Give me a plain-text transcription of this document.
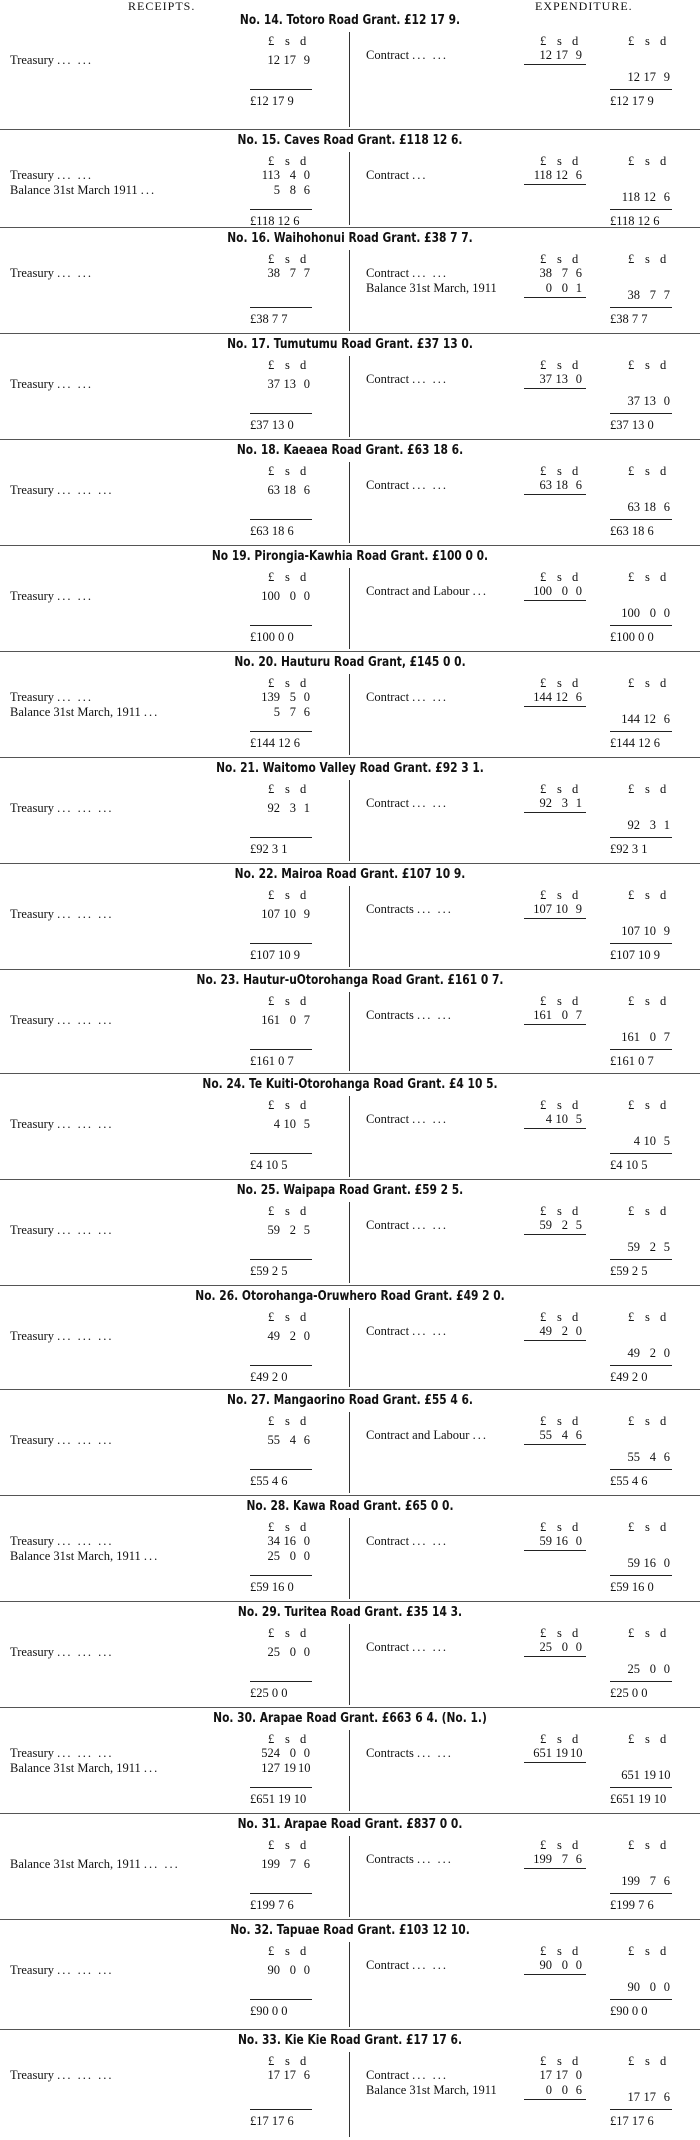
RECEIPTS.	EXPENDITURE.
No. 14. Totoro Road Grant. £12 17 9.
£ s d
Treasury ... ...	12 17 9
£12 17 9
£ s d
Contract ... ...	12 17 9
£ s d
12 17 9
£12 17 9
No. 15. Caves Road Grant. £118 12 6.
£ s d
Treasury ... ...	113 4 0
Balance 31st March 1911 ...	5 8 6
£118 12 6
£ s d
Contract ...	118 12 6
£ s d
118 12 6
£118 12 6
No. 16. Waihohonui Road Grant. £38 7 7.
£ s d
Treasury ... ...	38 7 7
£38 7 7
£ s d
Contract ... ...	38 7 6
Balance 31st March, 1911	0 0 1
£ s d
38 7 7
£38 7 7
No. 17. Tumutumu Road Grant. £37 13 0.
£ s d
Treasury ... ...	37 13 0
£37 13 0
£ s d
Contract ... ...	37 13 0
£ s d
37 13 0
£37 13 0
No. 18. Kaeaea Road Grant. £63 18 6.
£ s d
Treasury ... ... ...	63 18 6
£63 18 6
£ s d
Contract ... ...	63 18 6
£ s d
63 18 6
£63 18 6
No 19. Pirongia-Kawhia Road Grant. £100 0 0.
£ s d
Treasury ... ...	100 0 0
£100 0 0
£ s d
Contract and Labour ...	100 0 0
£ s d
100 0 0
£100 0 0
No. 20. Hauturu Road Grant, £145 0 0.
£ s d
Treasury ... ...	139 5 0
Balance 31st March, 1911 ...	5 7 6
£144 12 6
£ s d
Contract ... ...	144 12 6
£ s d
144 12 6
£144 12 6
No. 21. Waitomo Valley Road Grant. £92 3 1.
£ s d
Treasury ... ... ...	92 3 1
£92 3 1
£ s d
Contract ... ...	92 3 1
£ s d
92 3 1
£92 3 1
No. 22. Mairoa Road Grant. £107 10 9.
£ s d
Treasury ... ... ...	107 10 9
£107 10 9
£ s d
Contracts ... ...	107 10 9
£ s d
107 10 9
£107 10 9
No. 23. Hautur-uOtorohanga Road Grant. £161 0 7.
£ s d
Treasury ... ... ...	161 0 7
£161 0 7
£ s d
Contracts ... ...	161 0 7
£ s d
161 0 7
£161 0 7
No. 24. Te Kuiti-Otorohanga Road Grant. £4 10 5.
£ s d
Treasury ... ... ...	4 10 5
£4 10 5
£ s d
Contract ... ...	4 10 5
£ s d
4 10 5
£4 10 5
No. 25. Waipapa Road Grant. £59 2 5.
£ s d
Treasury ... ... ...	59 2 5
£59 2 5
£ s d
Contract ... ...	59 2 5
£ s d
59 2 5
£59 2 5
No. 26. Otorohanga-Oruwhero Road Grant. £49 2 0.
£ s d
Treasury ... ... ...	49 2 0
£49 2 0
£ s d
Contract ... ...	49 2 0
£ s d
49 2 0
£49 2 0
No. 27. Mangaorino Road Grant. £55 4 6.
£ s d
Treasury ... ... ...	55 4 6
£55 4 6
£ s d
Contract and Labour ...	55 4 6
£ s d
55 4 6
£55 4 6
No. 28. Kawa Road Grant. £65 0 0.
£ s d
Treasury ... ... ...	34 16 0
Balance 31st March, 1911 ...	25 0 0
£59 16 0
£ s d
Contract ... ...	59 16 0
£ s d
59 16 0
£59 16 0
No. 29. Turitea Road Grant. £35 14 3.
£ s d
Treasury ... ... ...	25 0 0
£25 0 0
£ s d
Contract ... ...	25 0 0
£ s d
25 0 0
£25 0 0
No. 30. Arapae Road Grant. £663 6 4. (No. 1.)
£ s d
Treasury ... ... ...	524 0 0
Balance 31st March, 1911 ...	127 19 10
£651 19 10
£ s d
Contracts ... ...	651 19 10
£ s d
651 19 10
£651 19 10
No. 31. Arapae Road Grant. £837 0 0.
£ s d
Balance 31st March, 1911 ... ...	199 7 6
£199 7 6
£ s d
Contracts ... ...	199 7 6
£ s d
199 7 6
£199 7 6
No. 32. Tapuae Road Grant. £103 12 10.
£ s d
Treasury ... ... ...	90 0 0
£90 0 0
£ s d
Contract ... ...	90 0 0
£ s d
90 0 0
£90 0 0
No. 33. Kie Kie Road Grant. £17 17 6.
£ s d
Treasury ... ... ...	17 17 6
£17 17 6
£ s d
Contract ... ...	17 17 0
Balance 31st March, 1911	0 0 6
£ s d
17 17 6
£17 17 6
